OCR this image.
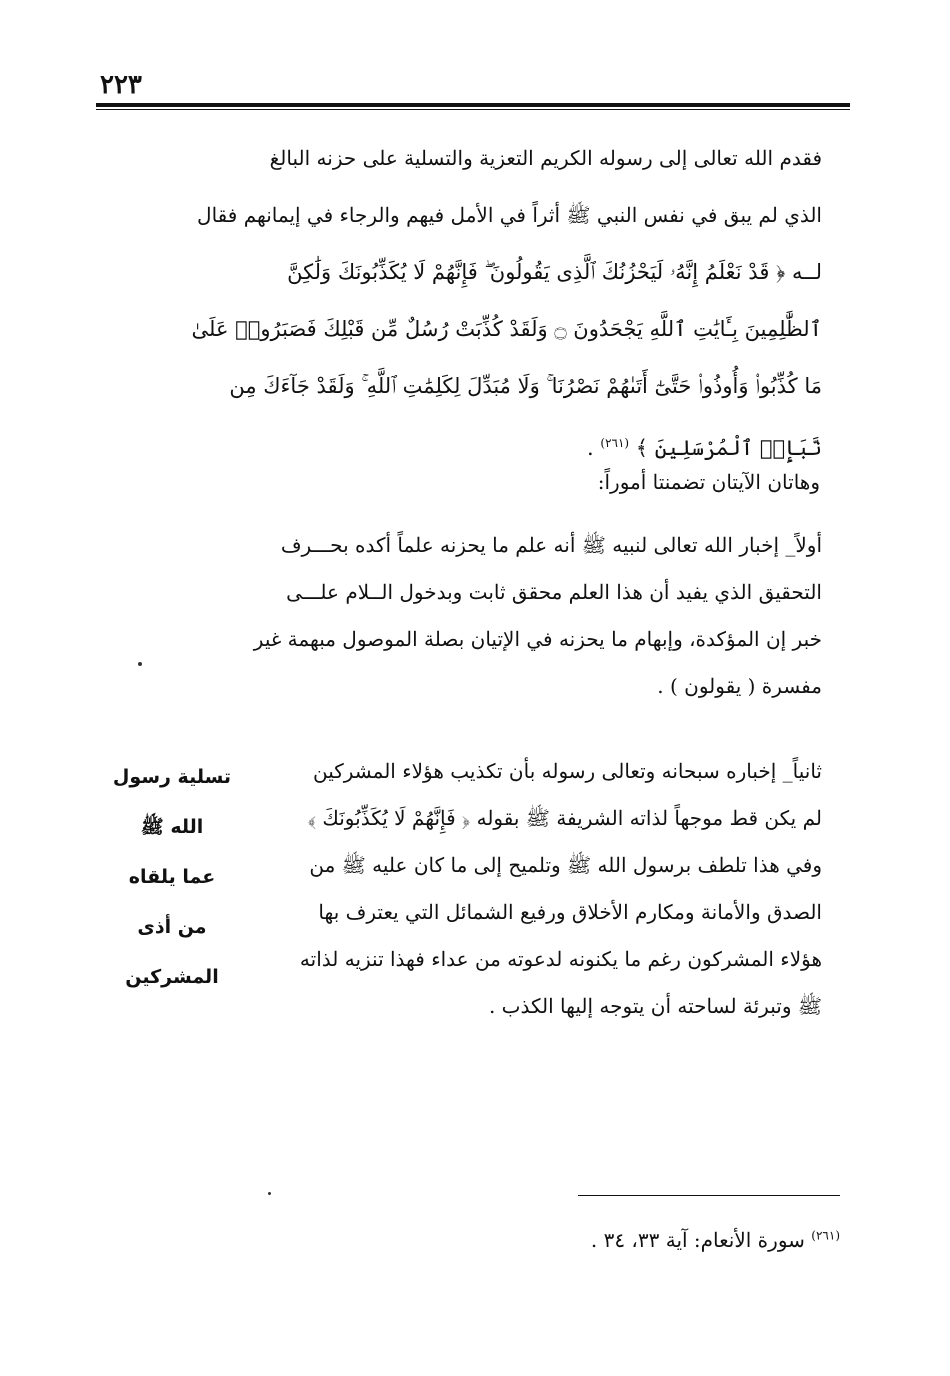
٢٢٣
فقدم الله تعالى إلى رسوله الكريم التعزية والتسلية على حزنه البالغ
الذي لم يبق في نفس النبي ﷺ أثراً في الأمل فيهم والرجاء في إيمانهم فقال
لــه ﴿ قَدْ نَعْلَمُ إِنَّهُۥ لَيَحْزُنُكَ ٱلَّذِى يَقُولُونَ ۖ فَإِنَّهُمْ لَا يُكَذِّبُونَكَ وَلَٰكِنَّ
ٱلظَّٰلِمِينَ بِـَٔايَٰتِ ٱللَّهِ يَجْحَدُونَ ۝ وَلَقَدْ كُذِّبَتْ رُسُلٌ مِّن قَبْلِكَ فَصَبَرُوا۟ عَلَىٰ
مَا كُذِّبُوا۟ وَأُوذُوا۟ حَتَّىٰٓ أَتَىٰهُمْ نَصْرُنَا ۚ وَلَا مُبَدِّلَ لِكَلِمَٰتِ ٱللَّهِ ۚ وَلَقَدْ جَآءَكَ مِن
نَّبَإِى۟ ٱلْمُرْسَلِينَ ﴾ $^{(٢٦١)}$ .
وهاتان الآيتان تضمنتا أموراً:
أولاً_ إخبار الله تعالى لنبيه ﷺ أنه علم ما يحزنه علماً أكده بحـــرف
التحقيق الذي يفيد أن هذا العلم محقق ثابت وبدخول الــلام علـــى
خبر إن المؤكدة، وإبهام ما يحزنه في الإتيان بصلة الموصول مبهمة غير
مفسرة ( يقولون ) .
ثانياً_ إخباره سبحانه وتعالى رسوله بأن تكذيب هؤلاء المشركين
لم يكن قط موجهاً لذاته الشريفة ﷺ بقوله ﴿ فَإِنَّهُمْ لَا يُكَذِّبُونَكَ ﴾
وفي هذا تلطف برسول الله ﷺ وتلميح إلى ما كان عليه ﷺ من
الصدق والأمانة ومكارم الأخلاق ورفيع الشمائل التي يعترف بها
هؤلاء المشركون رغم ما يكنونه لدعوته من عداء فهذا تنزيه لذاته
ﷺ وتبرئة لساحته أن يتوجه إليها الكذب .
تسلية رسول
الله ﷺ
عما يلقاه
من أذى
المشركين
$^{(٢٦١)}$ سورة الأنعام: آية ٣٣، ٣٤ .
